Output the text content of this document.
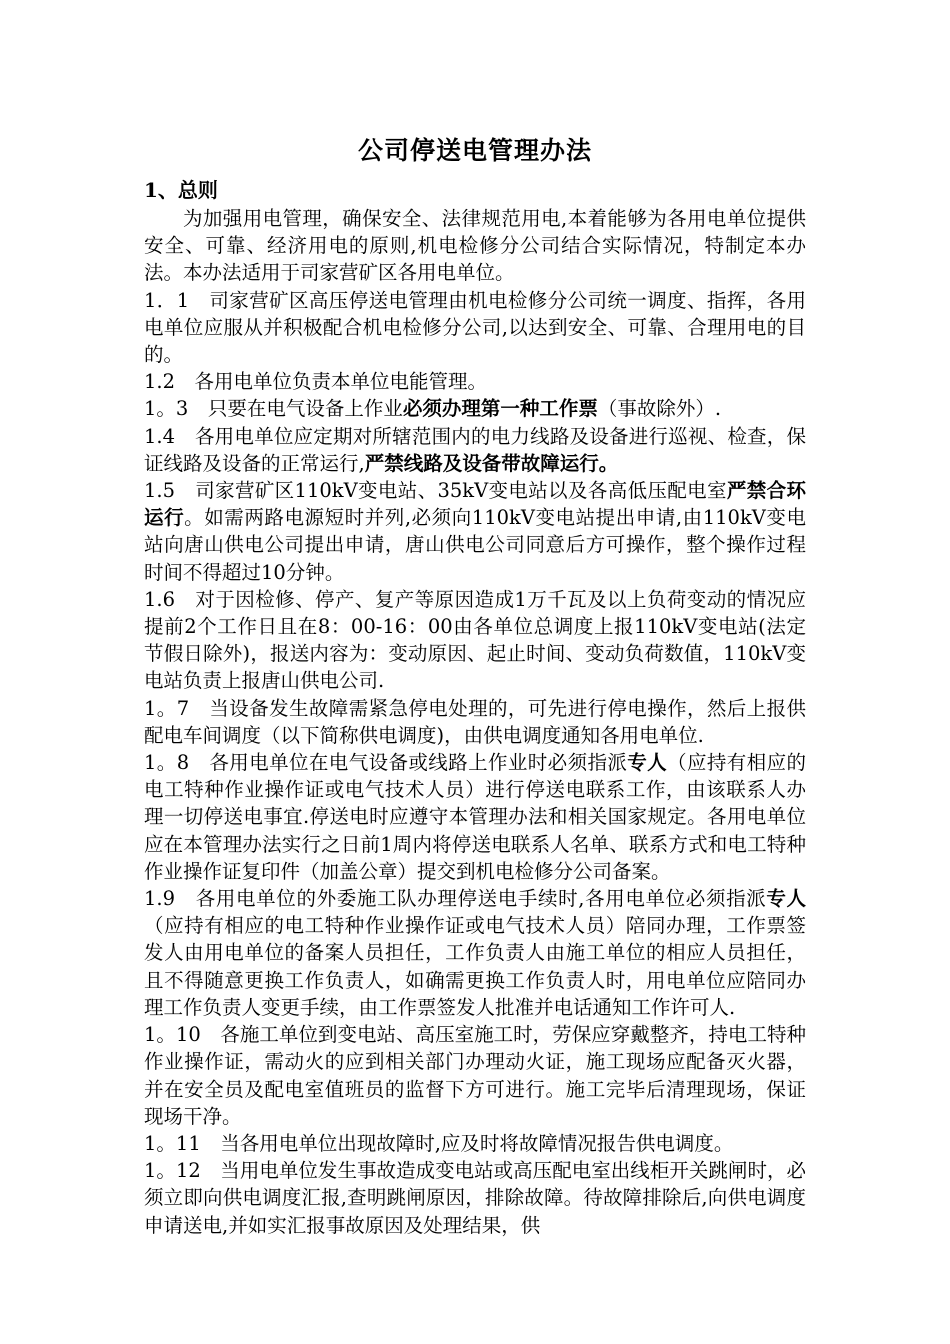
公司停送电管理办法
1、总则

为加强用电管理，确保安全、法律规范用电,本着能够为各用电单位提供安全、可靠、经济用电的原则,机电检修分公司结合实际情况，特制定本办法。本办法适用于司家营矿区各用电单位。

1．1　司家营矿区高压停送电管理由机电检修分公司统一调度、指挥，各用电单位应服从并积极配合机电检修分公司,以达到安全、可靠、合理用电的目的。

1.2　各用电单位负责本单位电能管理。

1。3　只要在电气设备上作业必须办理第一种工作票（事故除外）.

1.4　各用电单位应定期对所辖范围内的电力线路及设备进行巡视、检查，保证线路及设备的正常运行,严禁线路及设备带故障运行。

1.5　司家营矿区110kV变电站、35kV变电站以及各高低压配电室严禁合环运行。如需两路电源短时并列,必须向110kV变电站提出申请,由110kV变电站向唐山供电公司提出申请，唐山供电公司同意后方可操作，整个操作过程时间不得超过10分钟。

1.6　对于因检修、停产、复产等原因造成1万千瓦及以上负荷变动的情况应提前2个工作日且在8：00-16：00由各单位总调度上报110kV变电站(法定节假日除外)，报送内容为：变动原因、起止时间、变动负荷数值，110kV变电站负责上报唐山供电公司.

1。7　当设备发生故障需紧急停电处理的，可先进行停电操作，然后上报供配电车间调度（以下简称供电调度)，由供电调度通知各用电单位.

1。8　各用电单位在电气设备或线路上作业时必须指派专人（应持有相应的电工特种作业操作证或电气技术人员）进行停送电联系工作，由该联系人办理一切停送电事宜.停送电时应遵守本管理办法和相关国家规定。各用电单位应在本管理办法实行之日前1周内将停送电联系人名单、联系方式和电工特种作业操作证复印件（加盖公章）提交到机电检修分公司备案。

1.9　各用电单位的外委施工队办理停送电手续时,各用电单位必须指派专人（应持有相应的电工特种作业操作证或电气技术人员）陪同办理，工作票签发人由用电单位的备案人员担任，工作负责人由施工单位的相应人员担任，且不得随意更换工作负责人，如确需更换工作负责人时，用电单位应陪同办理工作负责人变更手续，由工作票签发人批准并电话通知工作许可人.

1。10　各施工单位到变电站、高压室施工时，劳保应穿戴整齐，持电工特种作业操作证，需动火的应到相关部门办理动火证，施工现场应配备灭火器，并在安全员及配电室值班员的监督下方可进行。施工完毕后清理现场，保证现场干净。

1。11　当各用电单位出现故障时,应及时将故障情况报告供电调度。

1。12　当用电单位发生事故造成变电站或高压配电室出线柜开关跳闸时，必须立即向供电调度汇报,查明跳闸原因，排除故障。待故障排除后,向供电调度申请送电,并如实汇报事故原因及处理结果，供
